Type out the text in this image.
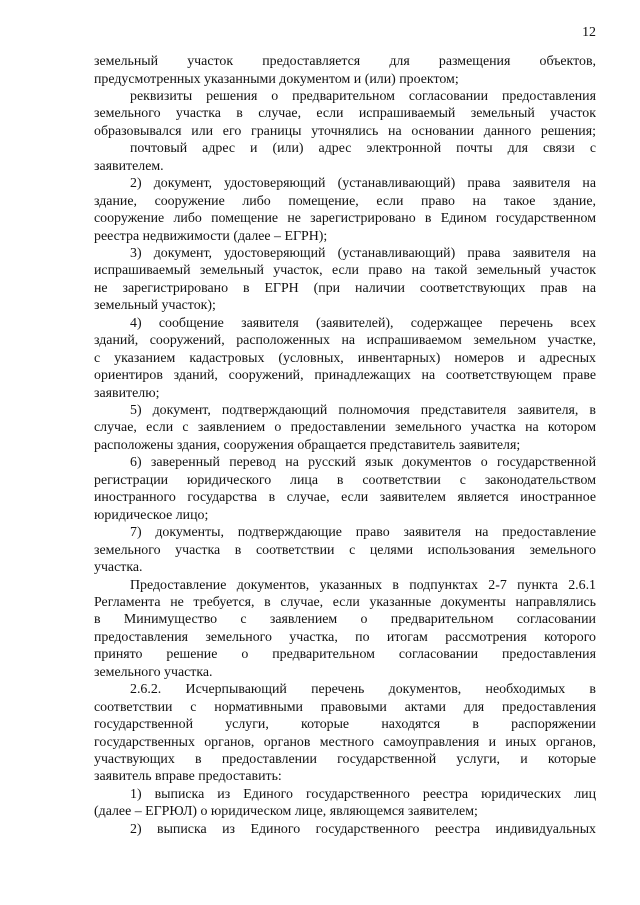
12
земельный участок предоставляется для размещения объектов,
предусмотренных указанными документом и (или) проектом;
реквизиты решения о предварительном согласовании предоставления
земельного участка в случае, если испрашиваемый земельный участок
образовывался или его границы уточнялись на основании данного решения;
почтовый адрес и (или) адрес электронной почты для связи с
заявителем.
2) документ, удостоверяющий (устанавливающий) права заявителя на
здание, сооружение либо помещение, если право на такое здание,
сооружение либо помещение не зарегистрировано в Едином государственном
реестра недвижимости (далее – ЕГРН);
3) документ, удостоверяющий (устанавливающий) права заявителя на
испрашиваемый земельный участок, если право на такой земельный участок
не зарегистрировано в ЕГРН (при наличии соответствующих прав на
земельный участок);
4) сообщение заявителя (заявителей), содержащее перечень всех
зданий, сооружений, расположенных на испрашиваемом земельном участке,
с указанием кадастровых (условных, инвентарных) номеров и адресных
ориентиров зданий, сооружений, принадлежащих на соответствующем праве
заявителю;
5) документ, подтверждающий полномочия представителя заявителя, в
случае, если с заявлением о предоставлении земельного участка на котором
расположены здания, сооружения обращается представитель заявителя;
6) заверенный перевод на русский язык документов о государственной
регистрации юридического лица в соответствии с законодательством
иностранного государства в случае, если заявителем является иностранное
юридическое лицо;
7) документы, подтверждающие право заявителя на предоставление
земельного участка в соответствии с целями использования земельного
участка.
Предоставление документов, указанных в подпунктах 2-7 пункта 2.6.1
Регламента не требуется, в случае, если указанные документы направлялись
в Минимущество с заявлением о предварительном согласовании
предоставления земельного участка, по итогам рассмотрения которого
принято решение о предварительном согласовании предоставления
земельного участка.
2.6.2. Исчерпывающий перечень документов, необходимых в
соответствии с нормативными правовыми актами для предоставления
государственной услуги, которые находятся в распоряжении
государственных органов, органов местного самоуправления и иных органов,
участвующих в предоставлении государственной услуги, и которые
заявитель вправе предоставить:
1) выписка из Единого государственного реестра юридических лиц
(далее – ЕГРЮЛ) о юридическом лице, являющемся заявителем;
2) выписка из Единого государственного реестра индивидуальных
